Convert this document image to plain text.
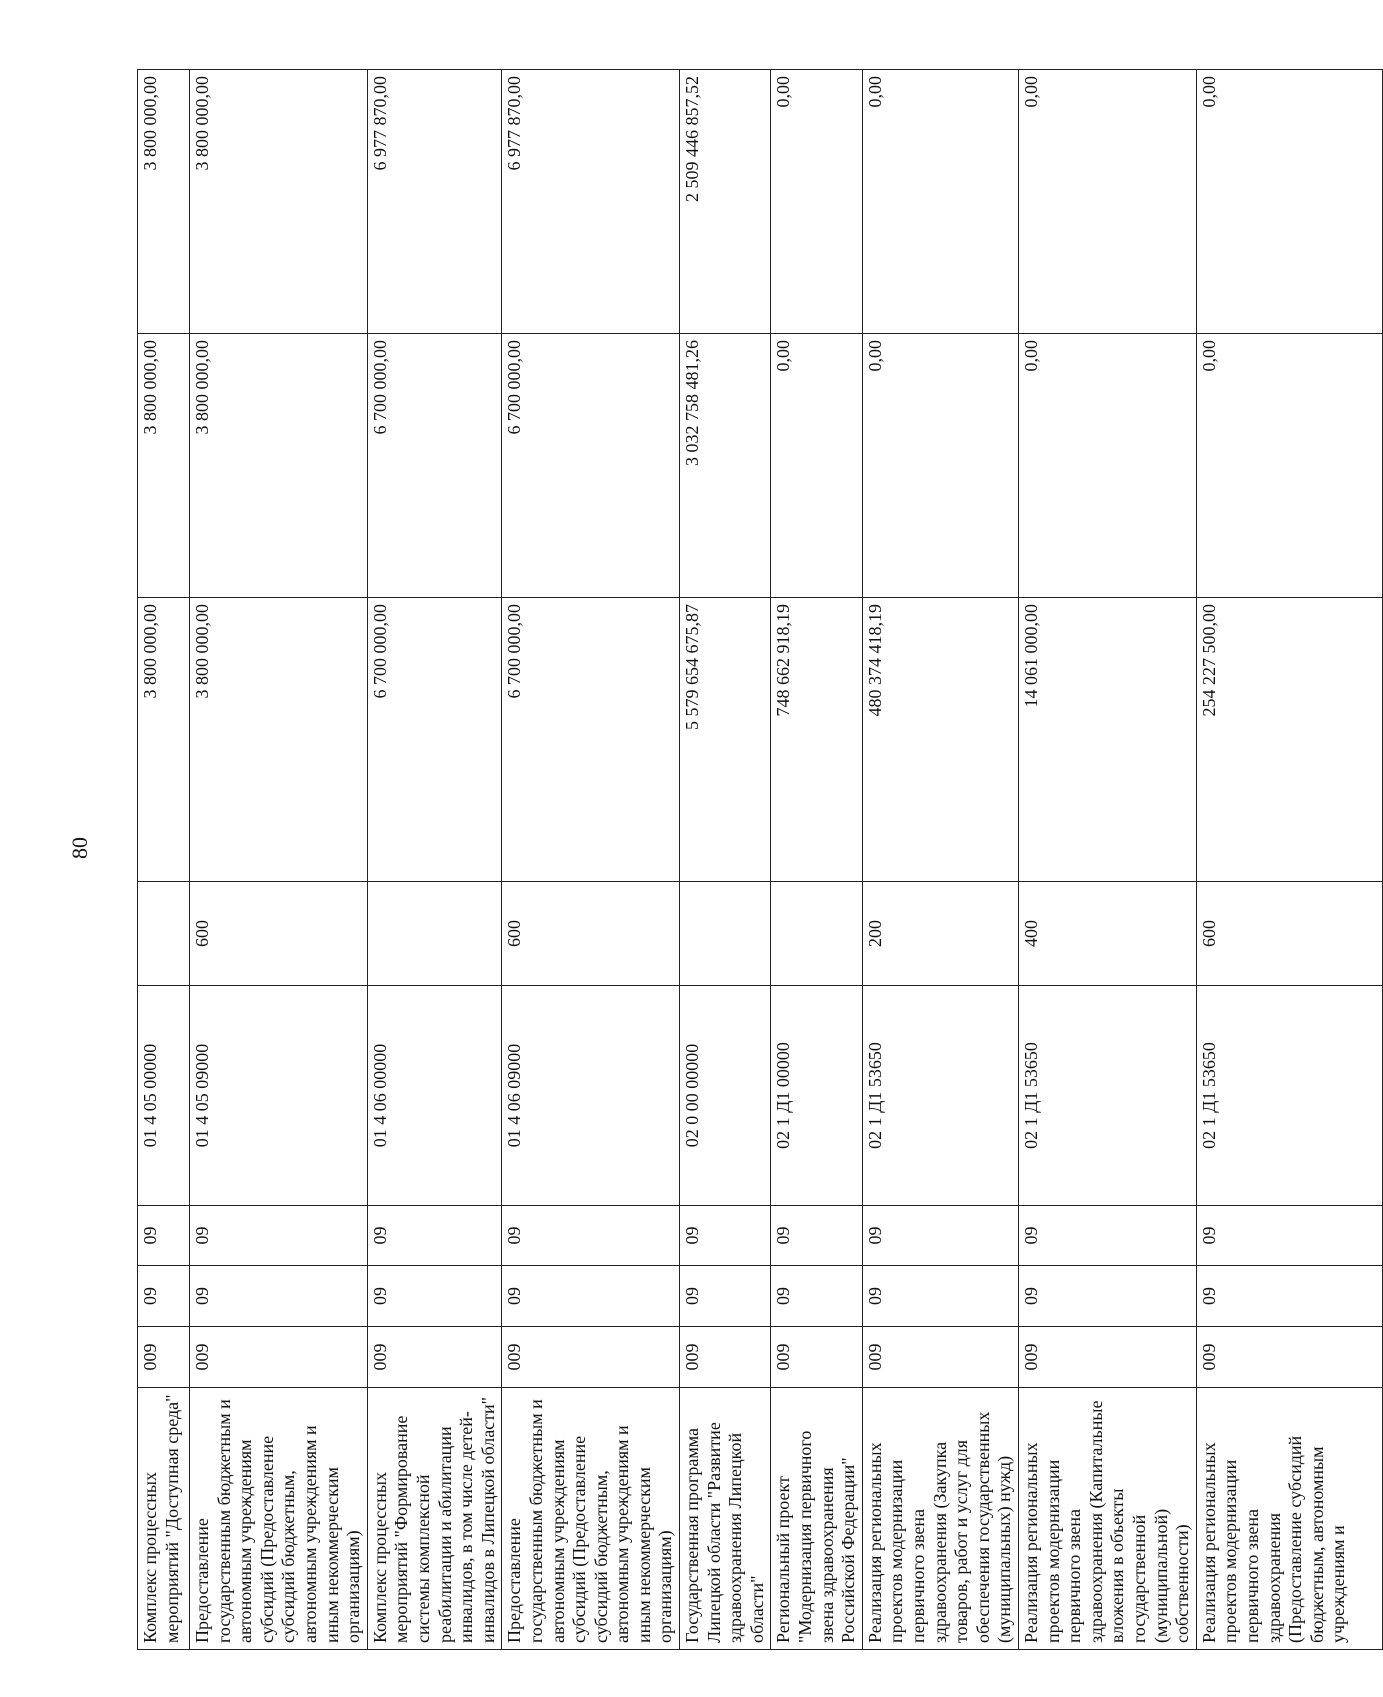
80
Комплекс процессных мероприятий "Доступная среда"	009	09	09	01 4 05 00000		3 800 000,00	3 800 000,00	3 800 000,00
Предоставление государственным бюджетным и автономным учреждениям субсидий (Предоставление субсидий бюджетным, автономным учреждениям и иным некоммерческим организациям)	009	09	09	01 4 05 09000	600	3 800 000,00	3 800 000,00	3 800 000,00
Комплекс процессных мероприятий "Формирование системы комплексной реабилитации и абилитации инвалидов, в том числе детей-инвалидов в Липецкой области"	009	09	09	01 4 06 00000		6 700 000,00	6 700 000,00	6 977 870,00
Предоставление государственным бюджетным и автономным учреждениям субсидий (Предоставление субсидий бюджетным, автономным учреждениям и иным некоммерческим организациям)	009	09	09	01 4 06 09000	600	6 700 000,00	6 700 000,00	6 977 870,00
Государственная программа Липецкой области "Развитие здравоохранения Липецкой области"	009	09	09	02 0 00 00000		5 579 654 675,87	3 032 758 481,26	2 509 446 857,52
Региональный проект "Модернизация первичного звена здравоохранения Российской Федерации"	009	09	09	02 1 Д1 00000		748 662 918,19	0,00	0,00
Реализация региональных проектов модернизации первичного звена здравоохранения (Закупка товаров, работ и услуг для обеспечения государственных (муниципальных) нужд)	009	09	09	02 1 Д1 53650	200	480 374 418,19	0,00	0,00
Реализация региональных проектов модернизации первичного звена здравоохранения (Капитальные вложения в объекты государственной (муниципальной) собственности)	009	09	09	02 1 Д1 53650	400	14 061 000,00	0,00	0,00
Реализация региональных проектов модернизации первичного звена здравоохранения (Предоставление субсидий бюджетным, автономным учреждениям и	009	09	09	02 1 Д1 53650	600	254 227 500,00	0,00	0,00
